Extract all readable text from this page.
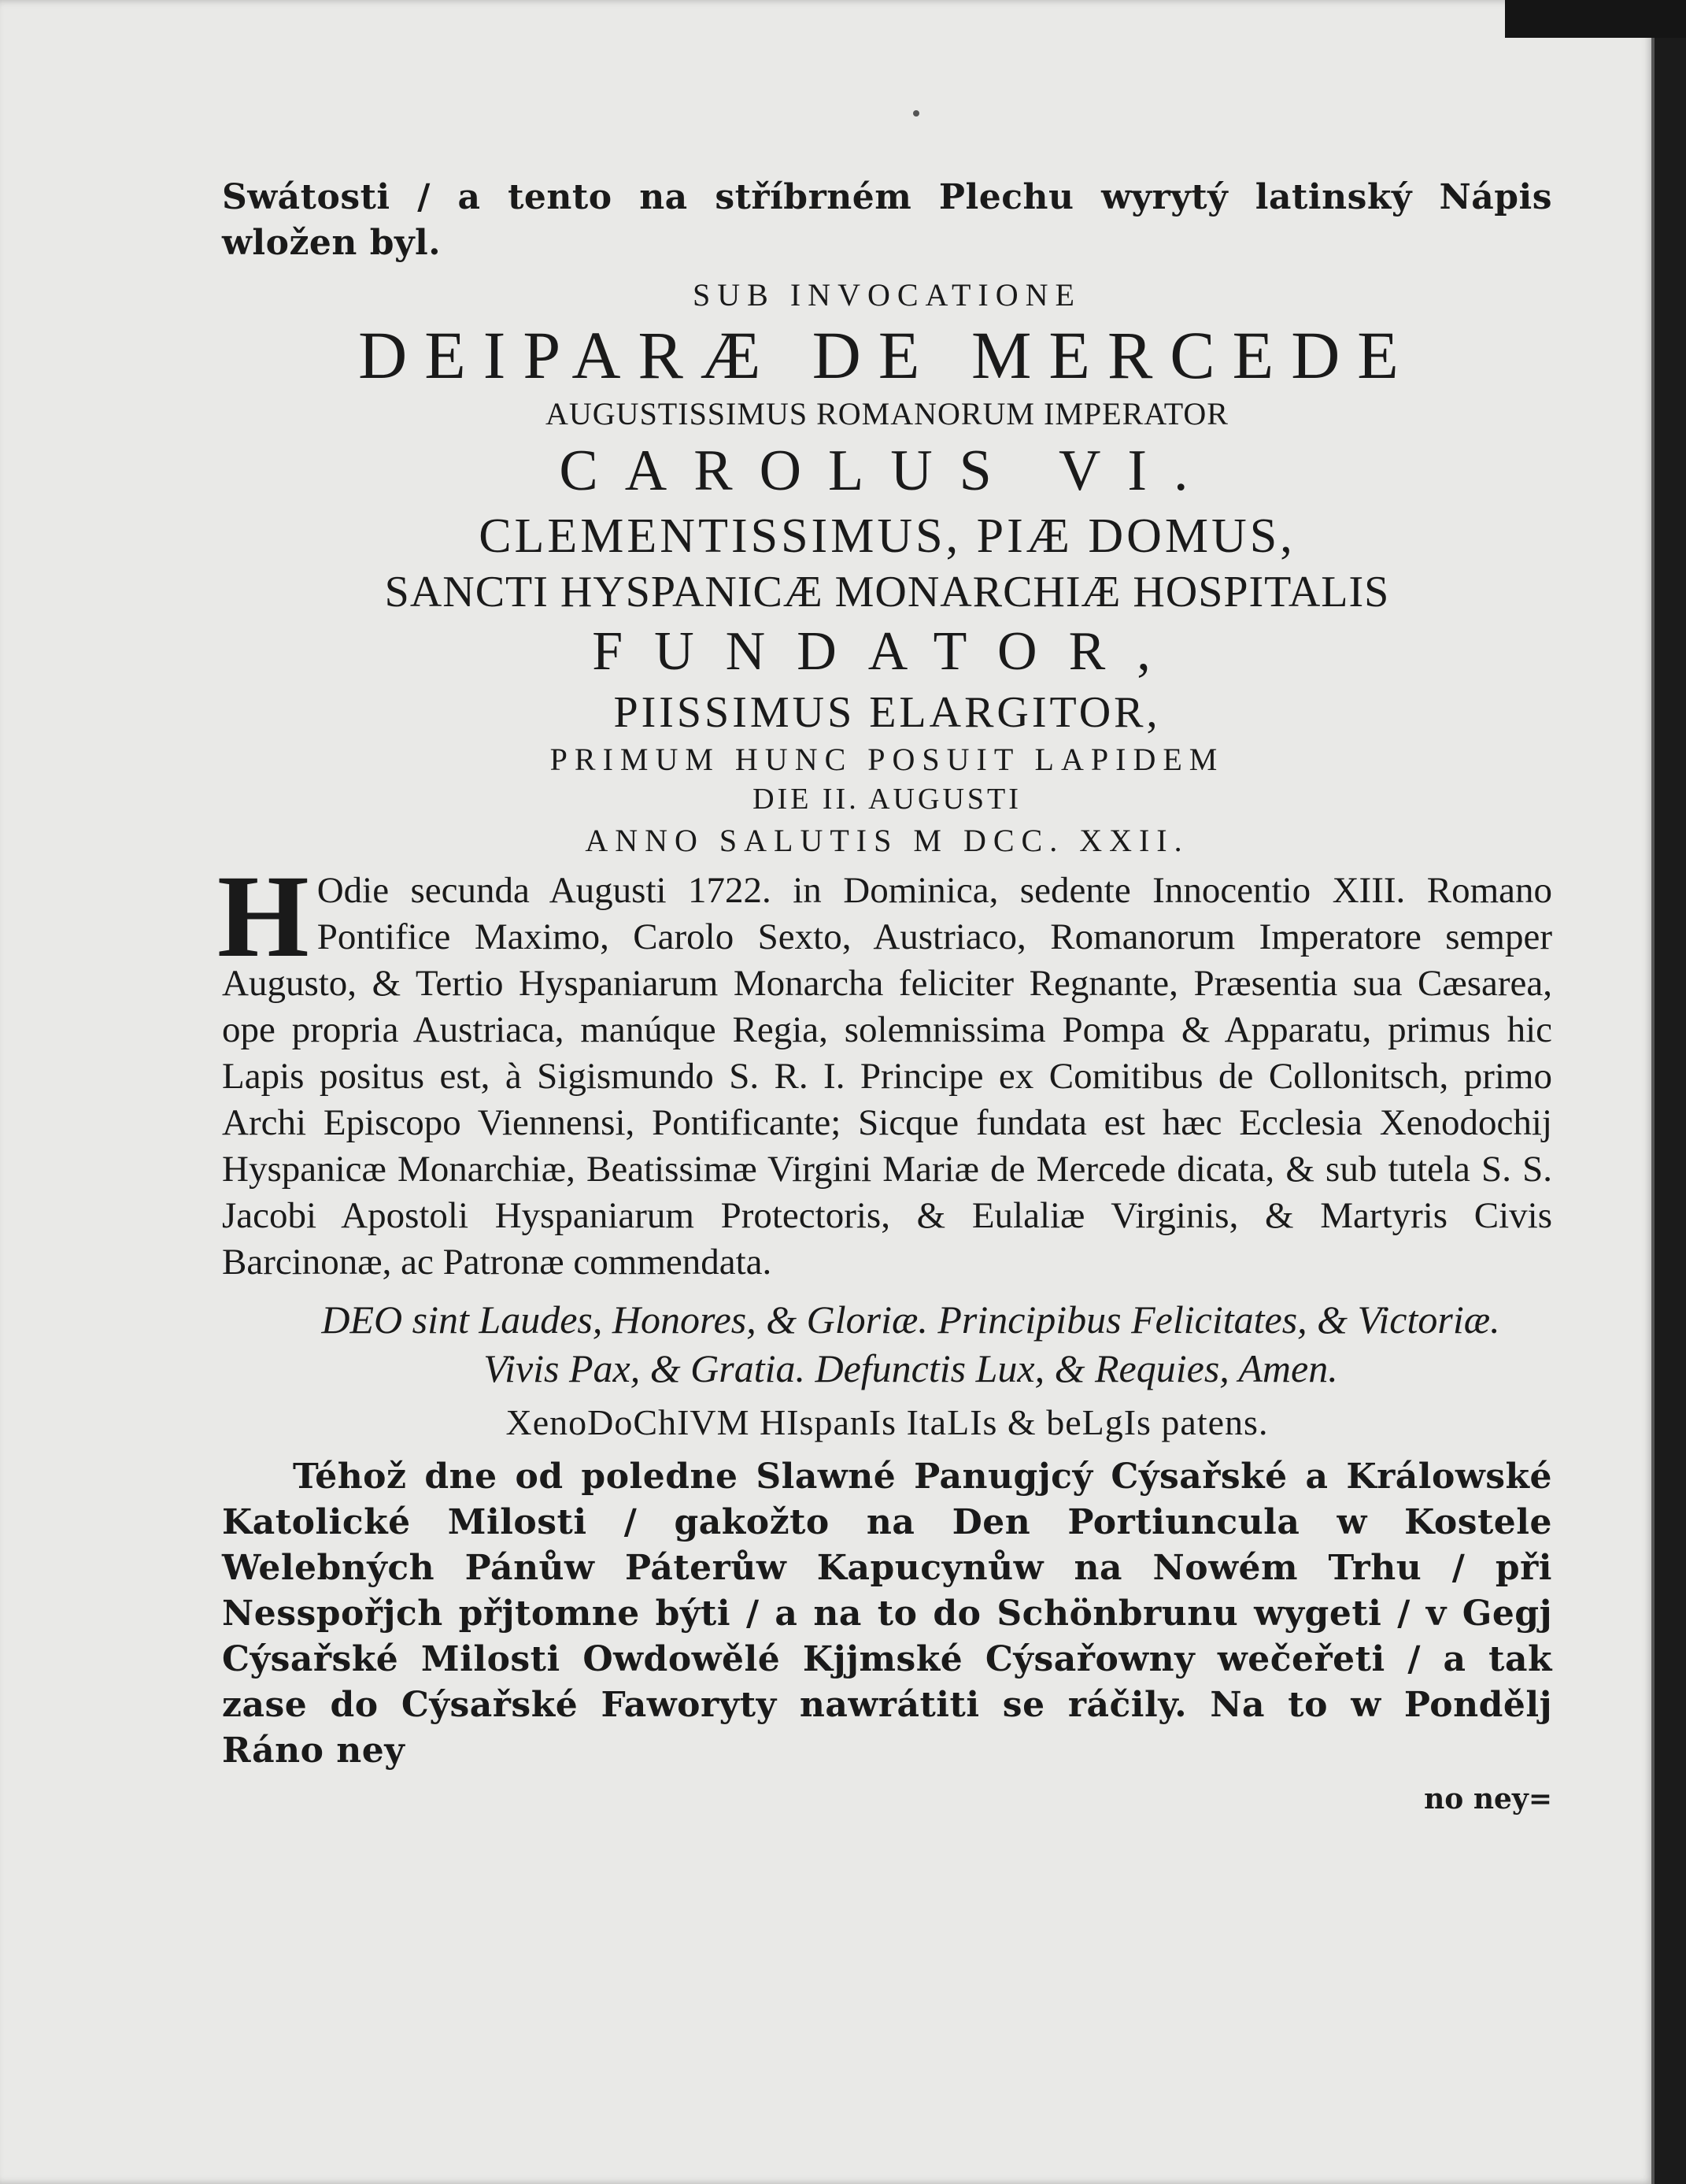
Swátosti / a tento na stříbrném Plechu wyrytý latinský Nápis wložen byl.
SUB INVOCATIONE
DEIPARÆ DE MERCEDE
AUGUSTISSIMUS ROMANORUM IMPERATOR
CAROLUS VI.
CLEMENTISSIMUS, PIÆ DOMUS,
SANCTI HYSPANICÆ MONARCHIÆ HOSPITALIS
FUNDATOR,
PIISSIMUS ELARGITOR,
PRIMUM HUNC POSUIT LAPIDEM
DIE II. AUGUSTI
ANNO SALUTIS M DCC. XXII.
H Odie secunda Augusti 1722. in Dominica, sedente Innocentio XIII. Romano Pontifice Maximo, Carolo Sexto, Austriaco, Romanorum Imperatore semper Augusto, & Tertio Hyspaniarum Monarcha feliciter Regnante, Præsentia sua Cæsarea, ope propria Austriaca, manúque Regia, solemnissima Pompa & Apparatu, primus hic Lapis positus est, à Sigismundo S. R. I. Principe ex Comitibus de Collonitsch, primo Archi Episcopo Viennensi, Pontificante; Sicque fundata est hæc Ecclesia Xenodochij Hyspanicæ Monarchiæ, Beatissimæ Virgini Mariæ de Mercede dicata, & sub tutela S. S. Jacobi Apostoli Hyspaniarum Protectoris, & Eulaliæ Virginis, & Martyris Civis Barcinonæ, ac Patronæ commendata.
DEO sint Laudes, Honores, & Gloriæ. Principibus Felicitates, & Victoriæ. Vivis Pax, & Gratia. Defunctis Lux, & Requies, Amen.
XenoDoChIVM HIspanIs ItaLIs & beLgIs patens.
Téhož dne od poledne Slawné Panugjcý Cýsařské a Králowské Katolické Milosti / gakožto na Den Portiuncula w Kostele Welebných Pánůw Páterůw Kapucynůw na Nowém Trhu / při Nesspořjch přjtomne býti / a na to do Schönbrunu wygeti / v Gegj Cýsařské Milosti Owdowělé Kjjmské Cýsařowny wečeřeti / a tak zase do Cýsařské Faworyty nawrátiti se ráčily. Na to w Pondělj Ráno ney
no ney=
